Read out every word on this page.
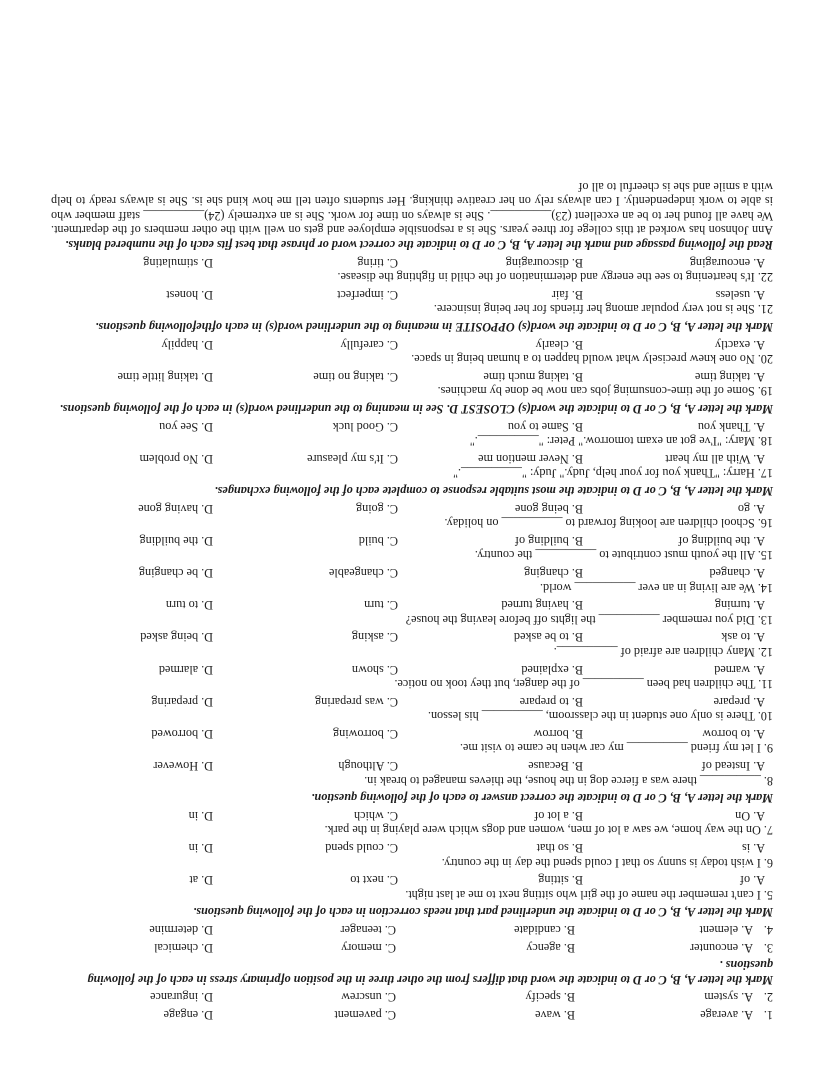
1.
A. average
B. wave
C. pavement
D. engage
2.
A. system
B. specify
C. unscrew
D. ingurance
Mark the letter A, B, C or D to indicate the word that differs from the other three in the position ofprimary stress in each of the following questions .
3.
A. encounter
B. agency
C. memory
D. chemical
4.
A. element
B. candidate
C. teenager
D. determine
Mark the letter A, B, C or D to indicate the underlined part that needs correction in each of the following questions.
5. I can't remember the name of the girl who sitting next to me at last night.
A. of
B. sitting
C. next to
D. at
6. I wish today is sunny so that I could spend the day in the country.
A. is
B. so that
C. could spend
D. in
7. On the way home, we saw a lot of men, women and dogs which were playing in the park.
A. On
B. a lot of
C. which
D. in
Mark the letter A, B, C or D to indicate the correct answer to each of the following question.
8. __________ there was a fierce dog in the house, the thieves managed to break in.
A. Instead of
B. Because
C. Although
D. However
9. I let my friend __________ my car when he came to visit me.
A. to borrow
B. borrow
C. borrowing
D. borrowed
10. There is only one student in the classroom, __________ his lesson.
A. prepare
B. to prepare
C. was preparing
D. preparing
11. The children had been __________ of the danger, but they took no notice.
A. warned
B. explained
C. shown
D. alarmed
12. Many children are afraid of __________.
A. to ask
B. to be asked
C. asking
D. being asked
13. Did you remember __________ the lights off before leaving the house?
A. turning
B. having turned
C. turn
D. to turn
14. We are living in an ever __________ world.
A. changed
B. changing
C. changeable
D. be changing
15. All the youth must contribute to __________ the country.
A. the building of
B. building of
C. build
D. the building
16. School children are looking forward to __________ on holiday.
A. go
B. being gone
C. going
D. having gone
Mark the letter A, B, C or D to indicate the most suitable response to complete each of the following exchanges.
17. Harry: "Thank you for your help, Judy." Judy: "__________."
A. With all my heart
B. Never mention me
C. It's my pleasure
D. No problem
18. Mary: "I've got an exam tomorrow." Peter: "__________."
A. Thank you
B. Same to you
C. Good luck
D. See you
Mark the letter A, B, C or D to indicate the word(s) CLOSEST D. See in meaning to the underlined word(s) in each of the following questions.
19. Some of the time-consuming jobs can now be done by machines.
A. taking time
B. taking much time
C. taking no time
D. taking little time
20. No one knew precisely what would happen to a human being in space.
A. exactly
B. clearly
C. carefully
D. happily
Mark the letter A, B, C or D to indicate the word(s) OPPOSITE in meaning to the underlined word(s) in each ofthefollowing questions.
21. She is not very popular among her friends for her being insincere.
A. useless
B. fair
C. imperfect
D. honest
22. It's heartening to see the energy and determination of the child in fighting the disease.
A. encouraging
B. discouraging
C. tiring
D. stimulating
Read the following passage and mark the letter A, B, C or D to indicate the correct word or phrase that best fits each of the numbered blanks.
Ann Johnson has worked at this college for three years. She is a responsible employee and gets on well with the other members of the department. We have all found her to be an excellent (23)__________. She is always on time for work. She is an extremely (24)__________ staff member who is able to work independently. I can always rely on her creative thinking. Her students often tell me how kind she is. She is always ready to help with a smile and she is cheerful to all of
